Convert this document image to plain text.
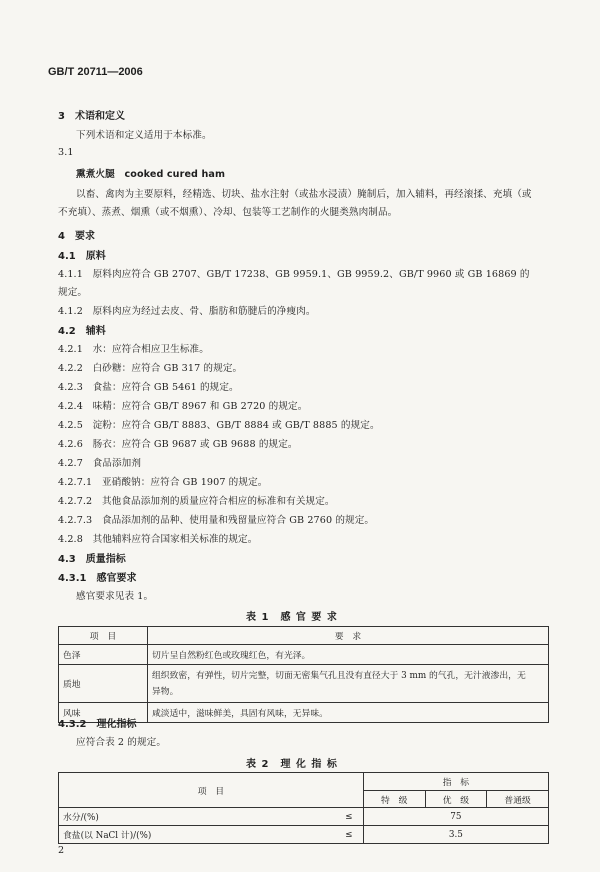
GB/T 20711—2006
3　术语和定义
下列术语和定义适用于本标准。
3.1
熏煮火腿　 cooked cured ham
以畜、禽肉为主要原料，经精选、切块、盐水注射（或盐水浸渍）腌制后，加入辅料，再经滚揉、充填（或
不充填）、蒸煮、烟熏（或不烟熏）、冷却、包装等工艺制作的火腿类熟肉制品。
4　要求
4.1　原料
4.1.1　原料肉应符合 GB 2707、GB/T 17238、GB 9959.1、GB 9959.2、GB/T 9960 或 GB 16869 的
规定。
4.1.2　原料肉应为经过去皮、骨、脂肪和筋腱后的净瘦肉。
4.2　辅料
4.2.1　水：应符合相应卫生标准。
4.2.2　白砂糖：应符合 GB 317 的规定。
4.2.3　食盐：应符合 GB 5461 的规定。
4.2.4　味精：应符合 GB/T 8967 和 GB 2720 的规定。
4.2.5　淀粉：应符合 GB/T 8883、GB/T 8884 或 GB/T 8885 的规定。
4.2.6　肠衣：应符合 GB 9687 或 GB 9688 的规定。
4.2.7　食品添加剂
4.2.7.1　亚硝酸钠：应符合 GB 1907 的规定。
4.2.7.2　其他食品添加剂的质量应符合相应的标准和有关规定。
4.2.7.3　食品添加剂的品种、使用量和残留量应符合 GB 2760 的规定。
4.2.8　其他辅料应符合国家相关标准的规定。
4.3　质量指标
4.3.1　感官要求
感官要求见表 1。
表 1　感 官 要 求
项　目	要　求
色泽	切片呈自然粉红色或玫瑰红色，有光泽。
质地	组织致密，有弹性，切片完整，切面无密集气孔且没有直径大于 3 mm 的气孔，无汁液渗出，无
异物。
风味	咸淡适中，滋味鲜美，具固有风味，无异味。
4.3.2　理化指标
应符合表 2 的规定。
表 2　理 化 指 标
项　目		指　标		
		特　级	优　级	普通级
水分/(%)	≤	75		
食盐(以 NaCl 计)/(%)	≤	3.5		
2
